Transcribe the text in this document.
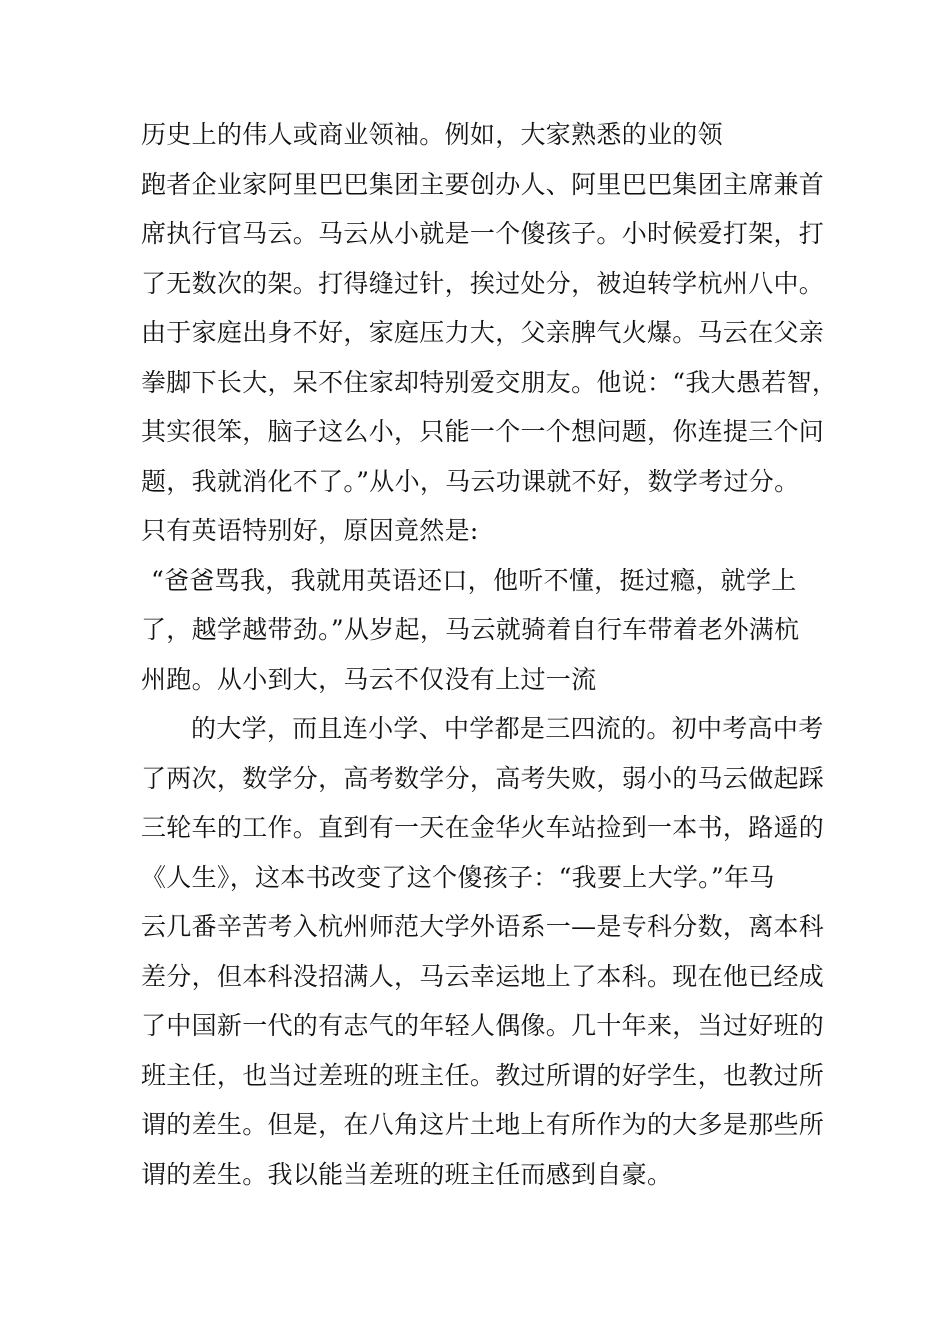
历史上的伟人或商业领袖。例如，大家熟悉的业的领
跑者企业家阿里巴巴集团主要创办人、阿里巴巴集团主席兼首
席执行官马云。马云从小就是一个傻孩子。小时候爱打架，打
了无数次的架。打得缝过针，挨过处分，被迫转学杭州八中。
由于家庭出身不好，家庭压力大，父亲脾气火爆。马云在父亲
拳脚下长大，呆不住家却特别爱交朋友。他说：“我大愚若智，
其实很笨，脑子这么小，只能一个一个想问题，你连提三个问
题，我就消化不了。”从小，马云功课就不好，数学考过分。
只有英语特别好，原因竟然是:
“爸爸骂我，我就用英语还口，他听不懂，挺过瘾，就学上
了，越学越带劲。”从岁起，马云就骑着自行车带着老外满杭
州跑。从小到大，马云不仅没有上过一流
的大学，而且连小学、中学都是三四流的。初中考高中考
了两次，数学分，高考数学分，高考失败，弱小的马云做起踩
三轮车的工作。直到有一天在金华火车站捡到一本书，路遥的
《人生》，这本书改变了这个傻孩子：“我要上大学。”年马
云几番辛苦考入杭州师范大学外语系一—是专科分数，离本科
差分，但本科没招满人，马云幸运地上了本科。现在他已经成
了中国新一代的有志气的年轻人偶像。几十年来，当过好班的
班主任，也当过差班的班主任。教过所谓的好学生，也教过所
谓的差生。但是，在八角这片土地上有所作为的大多是那些所
谓的差生。我以能当差班的班主任而感到自豪。
